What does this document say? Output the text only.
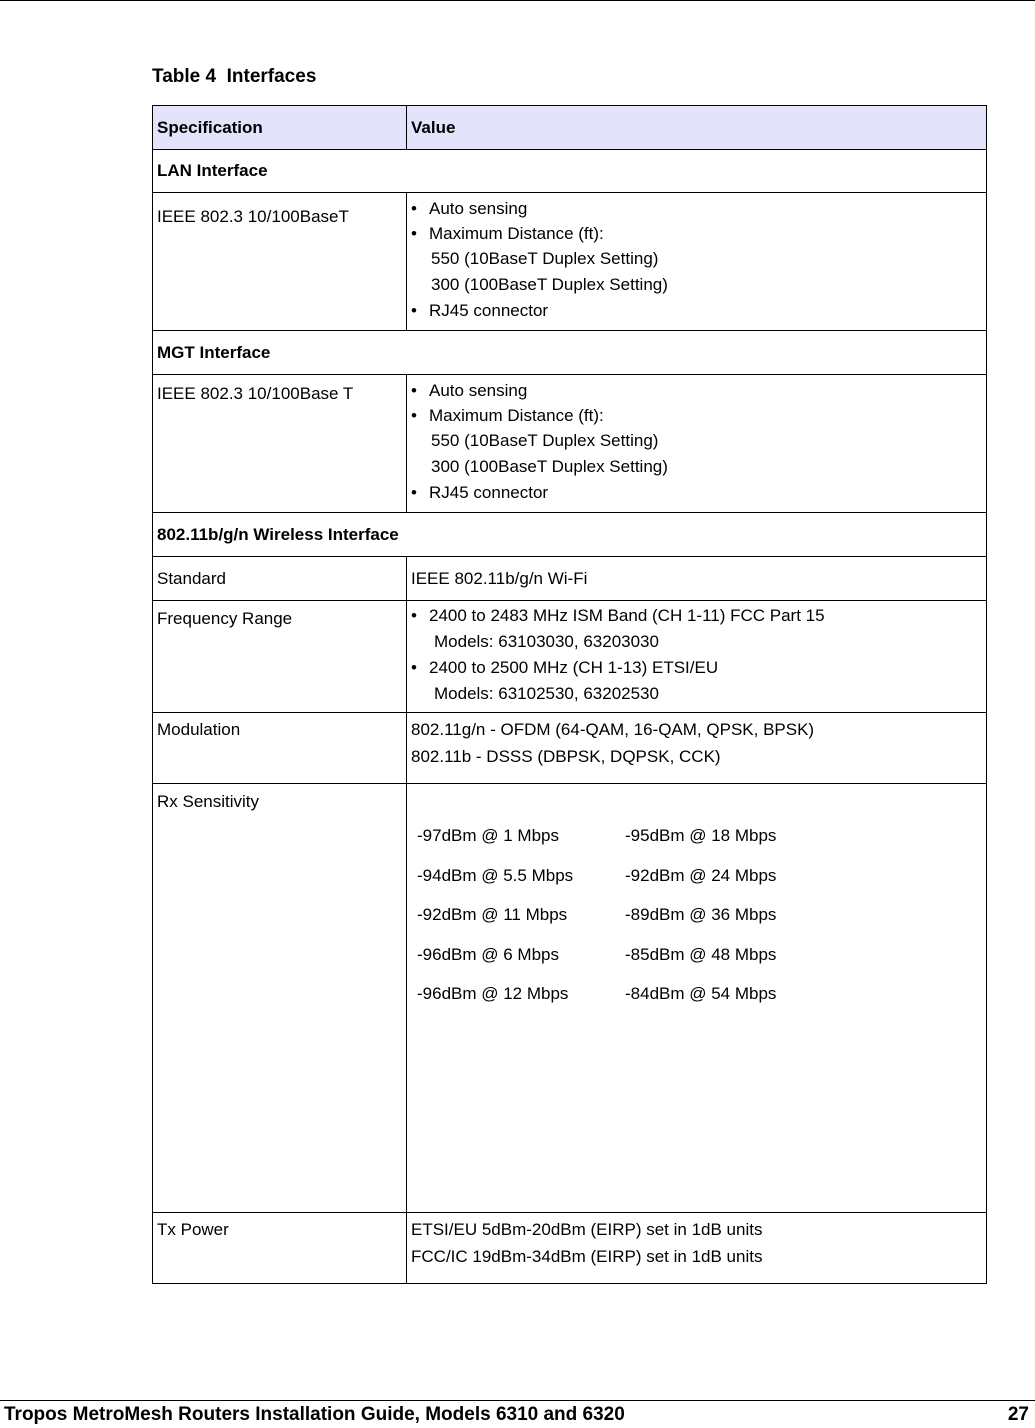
Table 4  Interfaces
Specification	Value
LAN Interface	
IEEE 802.3 10/100BaseT	• Auto sensing
• Maximum Distance (ft):
550 (10BaseT Duplex Setting)
300 (100BaseT Duplex Setting)
• RJ45 connector

MGT Interface	
IEEE 802.3 10/100Base T	• Auto sensing
• Maximum Distance (ft):
550 (10BaseT Duplex Setting)
300 (100BaseT Duplex Setting)
• RJ45 connector

802.11b/g/n Wireless Interface	
Standard	IEEE 802.11b/g/n Wi-Fi
Frequency Range	• 2400 to 2483 MHz ISM Band (CH 1-11) FCC Part 15
Models: 63103030, 63203030
• 2400 to 2500 MHz (CH 1-13) ETSI/EU
Models: 63102530, 63202530

Modulation	802.11g/n - OFDM (64-QAM, 16-QAM, QPSK, BPSK)
802.11b - DSSS (DBPSK, DQPSK, CCK)

Rx Sensitivity	-97dBm @ 1 Mbps -95dBm @ 18 Mbps
-94dBm @ 5.5 Mbps -92dBm @ 24 Mbps
-92dBm @ 11 Mbps -89dBm @ 36 Mbps
-96dBm @ 6 Mbps -85dBm @ 48 Mbps
-96dBm @ 12 Mbps -84dBm @ 54 Mbps

Tx Power	ETSI/EU 5dBm-20dBm (EIRP) set in 1dB units
FCC/IC 19dBm-34dBm (EIRP) set in 1dB units
Tropos MetroMesh Routers Installation Guide, Models 6310 and 6320	27
